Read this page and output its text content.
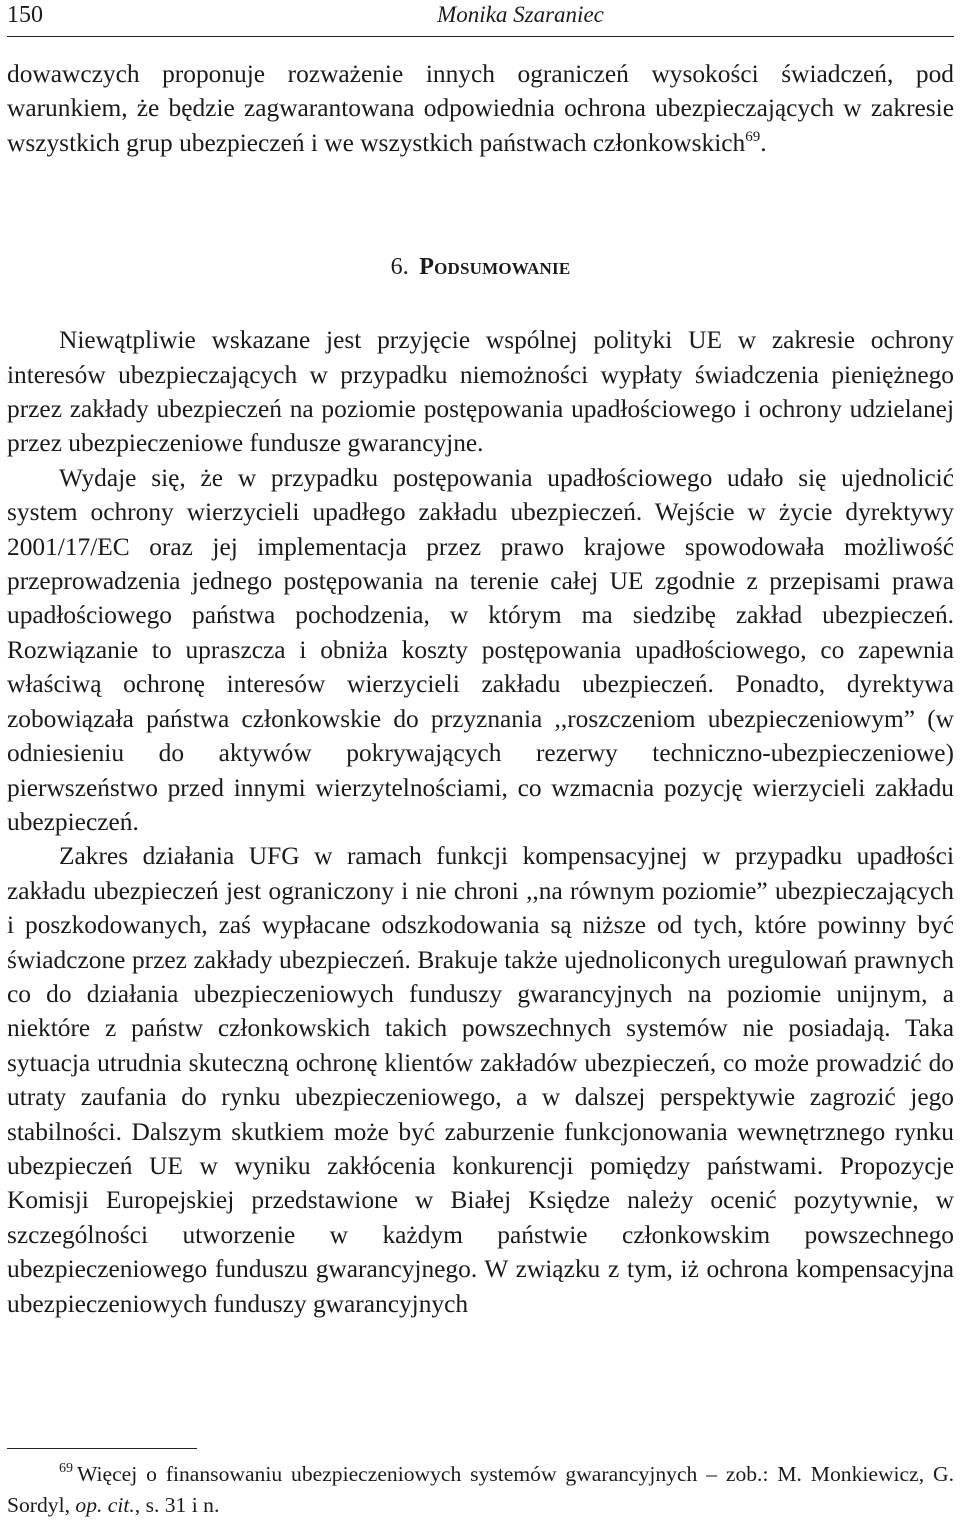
150	Monika Szaraniec

dowawczych proponuje rozważenie innych ograniczeń wysokości świadczeń, pod warunkiem, że będzie zagwarantowana odpowiednia ochrona ubezpieczających w zakresie wszystkich grup ubezpieczeń i we wszystkich państwach członkowskich$^{69}$.

6. Podsumowanie

Niewątpliwie wskazane jest przyjęcie wspólnej polityki UE w zakresie ochrony interesów ubezpieczających w przypadku niemożności wypłaty świadczenia pieniężnego przez zakłady ubezpieczeń na poziomie postępowania upadłościowego i ochrony udzielanej przez ubezpieczeniowe fundusze gwarancyjne.

Wydaje się, że w przypadku postępowania upadłościowego udało się ujednolicić system ochrony wierzycieli upadłego zakładu ubezpieczeń. Wejście w życie dyrektywy 2001/17/EC oraz jej implementacja przez prawo krajowe spowodowała możliwość przeprowadzenia jednego postępowania na terenie całej UE zgodnie z przepisami prawa upadłościowego państwa pochodzenia, w którym ma siedzibę zakład ubezpieczeń. Rozwiązanie to upraszcza i obniża koszty postępowania upadłościowego, co zapewnia właściwą ochronę interesów wierzycieli zakładu ubezpieczeń. Ponadto, dyrektywa zobowiązała państwa członkowskie do przyznania ,,roszczeniom ubezpieczeniowym” (w odniesieniu do aktywów pokrywających rezerwy techniczno-ubezpieczeniowe) pierwszeństwo przed innymi wierzytelnościami, co wzmacnia pozycję wierzycieli zakładu ubezpieczeń.

Zakres działania UFG w ramach funkcji kompensacyjnej w przypadku upadłości zakładu ubezpieczeń jest ograniczony i nie chroni ,,na równym poziomie” ubezpieczających i poszkodowanych, zaś wypłacane odszkodowania są niższe od tych, które powinny być świadczone przez zakłady ubezpieczeń. Brakuje także ujednoliconych uregulowań prawnych co do działania ubezpieczeniowych funduszy gwarancyjnych na poziomie unijnym, a niektóre z państw członkowskich takich powszechnych systemów nie posiadają. Taka sytuacja utrudnia skuteczną ochronę klientów zakładów ubezpieczeń, co może prowadzić do utraty zaufania do rynku ubezpieczeniowego, a w dalszej perspektywie zagrozić jego stabilności. Dalszym skutkiem może być zaburzenie funkcjonowania wewnętrznego rynku ubezpieczeń UE w wyniku zakłócenia konkurencji pomiędzy państwami. Propozycje Komisji Europejskiej przedstawione w Białej Księdze należy ocenić pozytywnie, w szczególności utworzenie w każdym państwie członkowskim powszechnego ubezpieczeniowego funduszu gwarancyjnego. W związku z tym, iż ochrona kompensacyjna ubezpieczeniowych funduszy gwarancyjnych

$^{69}$ Więcej o finansowaniu ubezpieczeniowych systemów gwarancyjnych – zob.: M. Monkiewicz, G. Sordyl, op. cit., s. 31 i n.
